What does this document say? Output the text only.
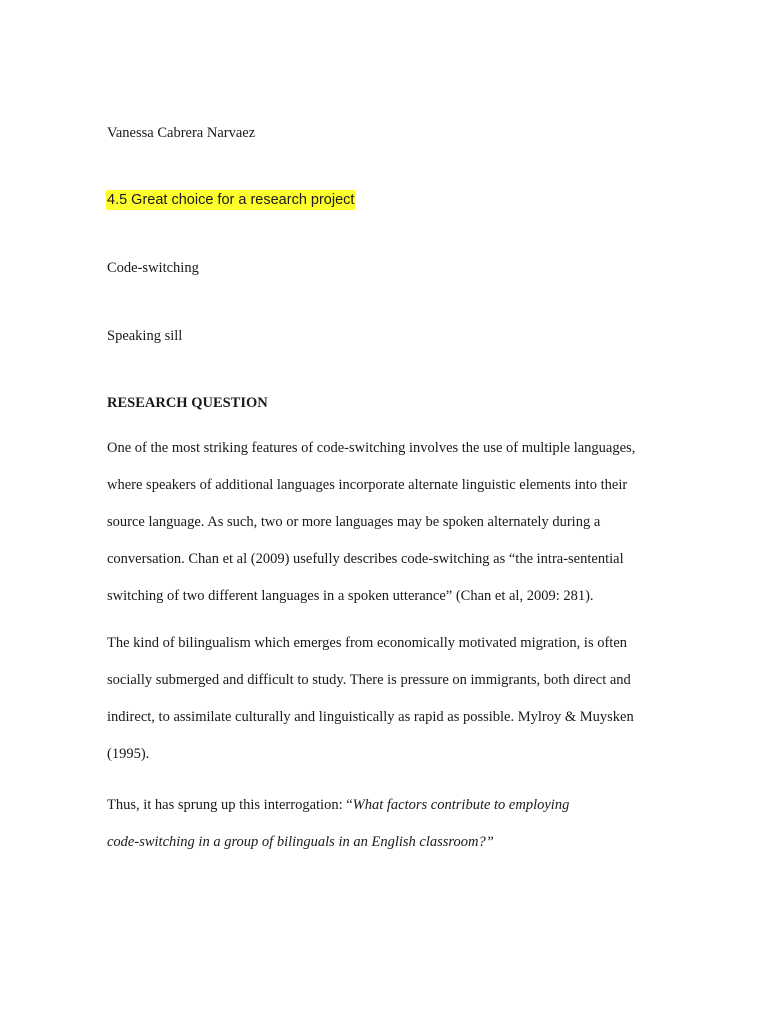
Vanessa Cabrera Narvaez
4.5 Great choice for a research project
Code-switching
Speaking sill
RESEARCH QUESTION
One of the most striking features of code-switching involves the use of multiple languages,
where speakers of additional languages incorporate alternate linguistic elements into their
source language. As such, two or more languages may be spoken alternately during a
conversation. Chan et al (2009) usefully describes code-switching as “the intra-sentential
switching of two different languages in a spoken utterance” (Chan et al, 2009: 281).
The kind of bilingualism which emerges from economically motivated migration, is often
socially submerged and difficult to study. There is pressure on immigrants, both direct and
indirect, to assimilate culturally and linguistically as rapid as possible. Mylroy & Muysken
(1995).
Thus, it has sprung up this interrogation: “What factors contribute to employing
code-switching in a group of bilinguals in an English classroom?”
